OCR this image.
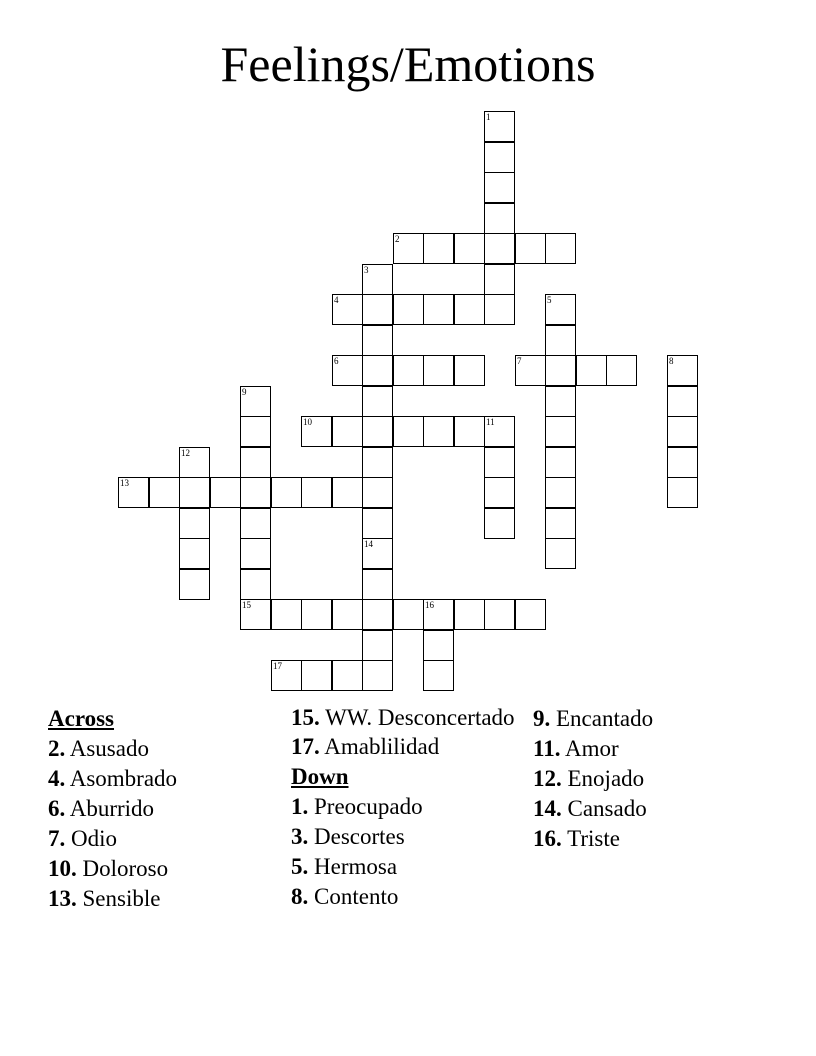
Feelings/Emotions
2
4
6	7
10	11
13
15	16
17
1
3
5
8
9
12
14
Across
2. Asusado
4. Asombrado
6. Aburrido
7. Odio
10. Doloroso
13. Sensible
15. WW. Desconcertado
17. Amablilidad
Down
1. Preocupado
3. Descortes
5. Hermosa
8. Contento
9. Encantado
11. Amor
12. Enojado
14. Cansado
16. Triste
